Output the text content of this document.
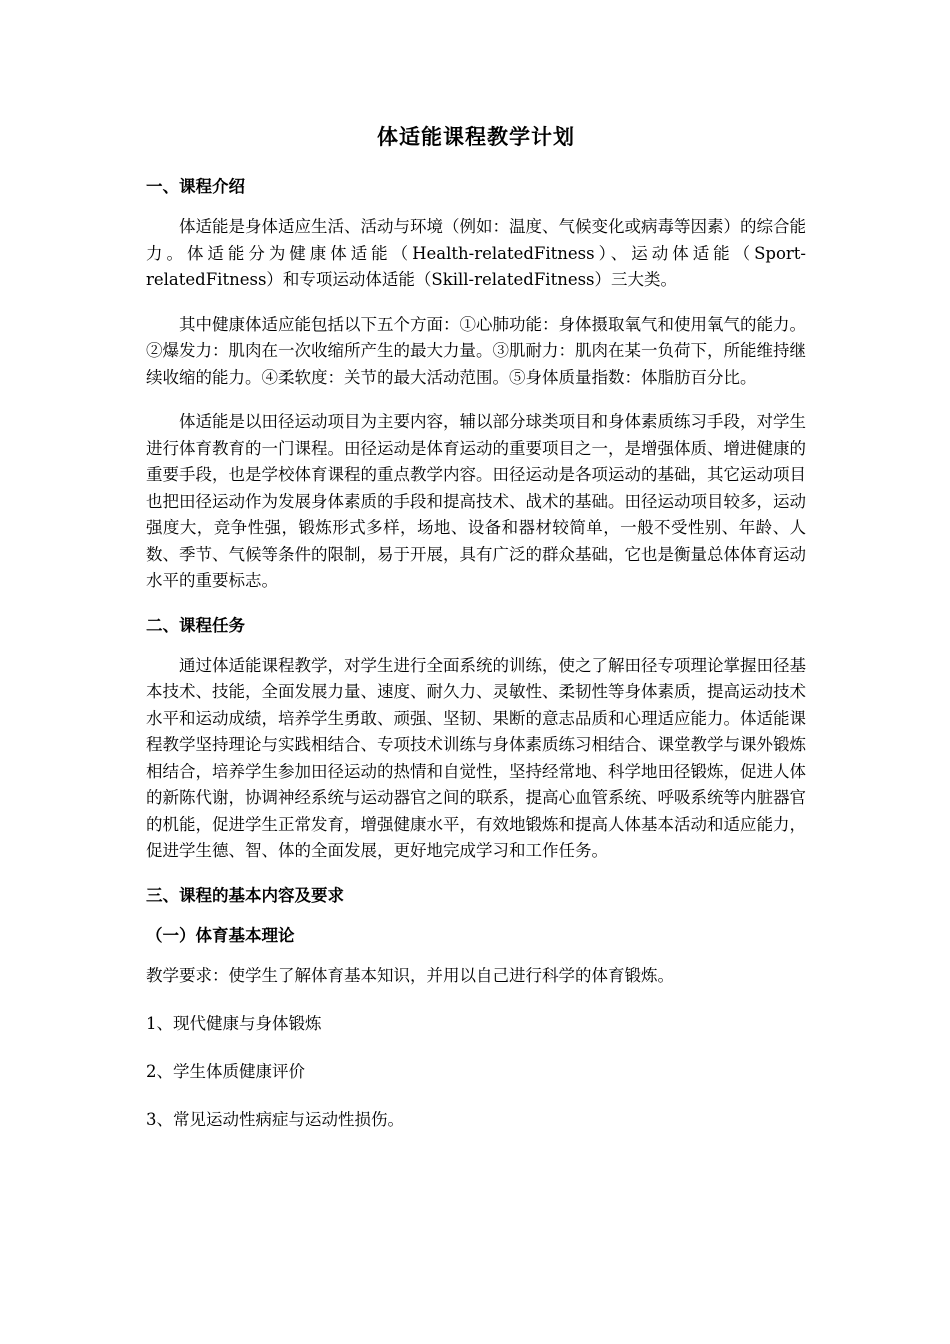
体适能课程教学计划
一、课程介绍

体适能是身体适应生活、活动与环境（例如：温度、气候变化或病毒等因素）的综合能力。体适能分为健康体适能（Health-relatedFitness）、运动体适能（Sport-relatedFitness）和专项运动体适能（Skill-relatedFitness）三大类。

其中健康体适应能包括以下五个方面：①心肺功能：身体摄取氧气和使用氧气的能力。②爆发力：肌肉在一次收缩所产生的最大力量。③肌耐力：肌肉在某一负荷下，所能维持继续收缩的能力。④柔软度：关节的最大活动范围。⑤身体质量指数：体脂肪百分比。

体适能是以田径运动项目为主要内容，辅以部分球类项目和身体素质练习手段，对学生进行体育教育的一门课程。田径运动是体育运动的重要项目之一，是增强体质、增进健康的重要手段，也是学校体育课程的重点教学内容。田径运动是各项运动的基础，其它运动项目也把田径运动作为发展身体素质的手段和提高技术、战术的基础。田径运动项目较多，运动强度大，竞争性强，锻炼形式多样，场地、设备和器材较简单，一般不受性别、年龄、人数、季节、气候等条件的限制，易于开展，具有广泛的群众基础，它也是衡量总体体育运动水平的重要标志。

二、课程任务

通过体适能课程教学，对学生进行全面系统的训练，使之了解田径专项理论掌握田径基本技术、技能，全面发展力量、速度、耐久力、灵敏性、柔韧性等身体素质，提高运动技术水平和运动成绩，培养学生勇敢、顽强、坚韧、果断的意志品质和心理适应能力。体适能课程教学坚持理论与实践相结合、专项技术训练与身体素质练习相结合、课堂教学与课外锻炼相结合，培养学生参加田径运动的热情和自觉性，坚持经常地、科学地田径锻炼，促进人体的新陈代谢，协调神经系统与运动器官之间的联系，提高心血管系统、呼吸系统等内脏器官的机能，促进学生正常发育，增强健康水平，有效地锻炼和提高人体基本活动和适应能力，促进学生德、智、体的全面发展，更好地完成学习和工作任务。

三、课程的基本内容及要求
（一）体育基本理论
教学要求：使学生了解体育基本知识，并用以自己进行科学的体育锻炼。
1、现代健康与身体锻炼
2、学生体质健康评价
3、常见运动性病症与运动性损伤。
